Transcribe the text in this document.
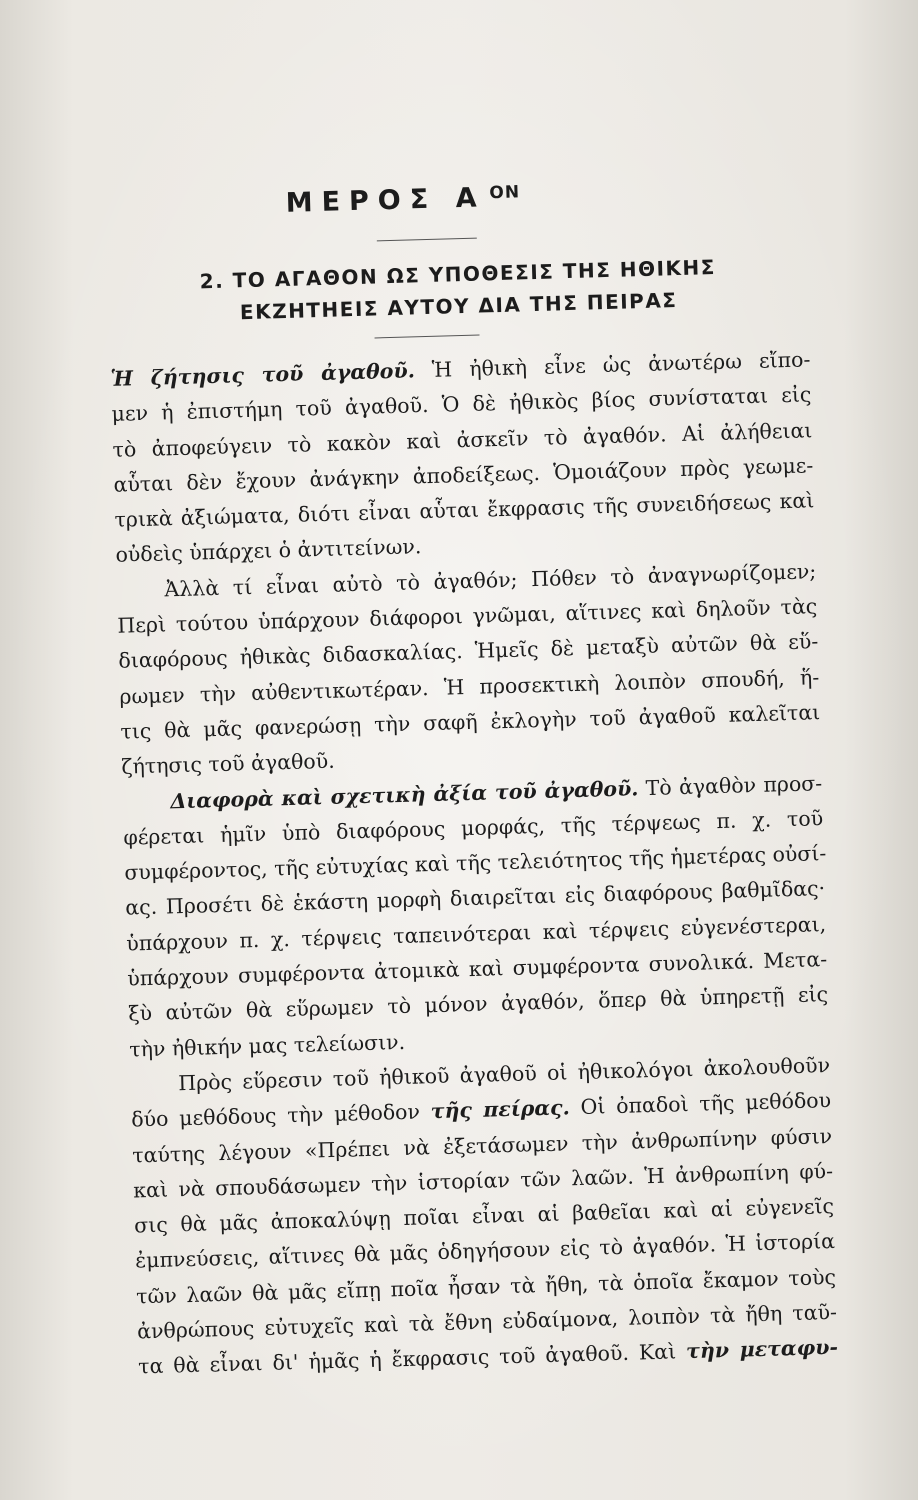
ΜΕΡΟΣ Α $^{ON}$
2. ΤΟ ΑΓΑΘΟΝ ΩΣ ΥΠΟΘΕΣΙΣ ΤΗΣ ΗΘΙΚΗΣ
ΕΚΖΗΤΗΕΙΣ ΑΥΤΟΥ ΔΙΑ ΤΗΣ ΠΕΙΡΑΣ
Ἡ ζήτησις τοῦ ἀγαθοῦ. Ἡ ἠθικὴ εἶνε ὡς ἀνωτέρω εἴπο-
μεν ἡ ἐπιστήμη τοῦ ἀγαθοῦ. Ὁ δὲ ἠθικὸς βίος συνίσταται εἰς
τὸ ἀποφεύγειν τὸ κακὸν καὶ ἀσκεῖν τὸ ἀγαθόν. Αἱ ἀλήθειαι
αὗται δὲν ἔχουν ἀνάγκην ἀποδείξεως. Ὁμοιάζουν πρὸς γεωμε-
τρικὰ ἀξιώματα, διότι εἶναι αὗται ἔκφρασις τῆς συνειδήσεως καὶ
οὐδεὶς ὑπάρχει ὁ ἀντιτείνων.
Ἀλλὰ τί εἶναι αὐτὸ τὸ ἀγαθόν; Πόθεν τὸ ἀναγνωρίζομεν;
Περὶ τούτου ὑπάρχουν διάφοροι γνῶμαι, αἵτινες καὶ δηλοῦν τὰς
διαφόρους ἠθικὰς διδασκαλίας. Ἡμεῖς δὲ μεταξὺ αὐτῶν θὰ εὕ-
ρωμεν τὴν αὐθεντικωτέραν. Ἡ προσεκτικὴ λοιπὸν σπουδή, ἥ-
τις θὰ μᾶς φανερώσῃ τὴν σαφῆ ἐκλογὴν τοῦ ἀγαθοῦ καλεῖται
ζήτησις τοῦ ἀγαθοῦ.
Διαφορὰ καὶ σχετικὴ ἀξία τοῦ ἀγαθοῦ. Τὸ ἀγαθὸν προσ-
φέρεται ἡμῖν ὑπὸ διαφόρους μορφάς, τῆς τέρψεως π. χ. τοῦ
συμφέροντος, τῆς εὐτυχίας καὶ τῆς τελειότητος τῆς ἡμετέρας οὐσί-
ας. Προσέτι δὲ ἑκάστη μορφὴ διαιρεῖται εἰς διαφόρους βαθμῖδας·
ὑπάρχουν π. χ. τέρψεις ταπεινότεραι καὶ τέρψεις εὐγενέστεραι,
ὑπάρχουν συμφέροντα ἀτομικὰ καὶ συμφέροντα συνολικά. Μετα-
ξὺ αὐτῶν θὰ εὕρωμεν τὸ μόνον ἀγαθόν, ὅπερ θὰ ὑπηρετῇ εἰς
τὴν ἠθικήν μας τελείωσιν.
Πρὸς εὕρεσιν τοῦ ἠθικοῦ ἀγαθοῦ οἱ ἠθικολόγοι ἀκολουθοῦν
δύο μεθόδους τὴν μέθοδον τῆς πείρας. Οἱ ὀπαδοὶ τῆς μεθόδου
ταύτης λέγουν «Πρέπει νὰ ἐξετάσωμεν τὴν ἀνθρωπίνην φύσιν
καὶ νὰ σπουδάσωμεν τὴν ἱστορίαν τῶν λαῶν. Ἡ ἀνθρωπίνη φύ-
σις θὰ μᾶς ἀποκαλύψῃ ποῖαι εἶναι αἱ βαθεῖαι καὶ αἱ εὐγενεῖς
ἐμπνεύσεις, αἵτινες θὰ μᾶς ὁδηγήσουν εἰς τὸ ἀγαθόν. Ἡ ἱστορία
τῶν λαῶν θὰ μᾶς εἴπῃ ποῖα ἦσαν τὰ ἤθη, τὰ ὁποῖα ἔκαμον τοὺς
ἀνθρώπους εὐτυχεῖς καὶ τὰ ἔθνη εὐδαίμονα, λοιπὸν τὰ ἤθη ταῦ-
τα θὰ εἶναι δι' ἡμᾶς ἡ ἔκφρασις τοῦ ἀγαθοῦ. Καὶ τὴν μεταφυ-
